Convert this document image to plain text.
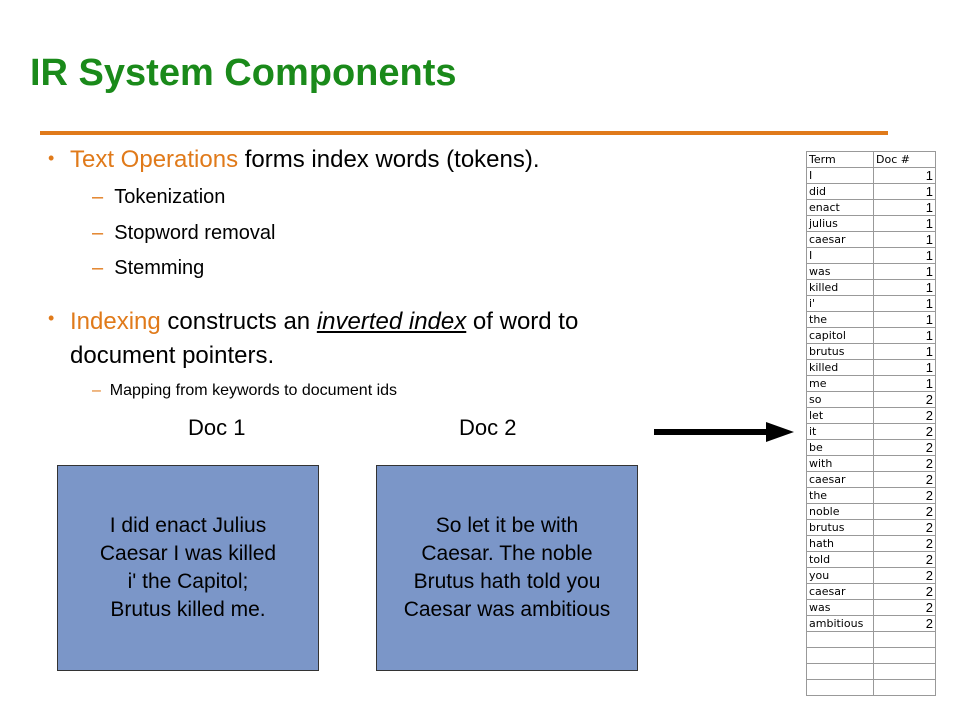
IR System Components
• Text Operations forms index words (tokens).
– Tokenization
– Stopword removal
– Stemming
• Indexing constructs an inverted index of word to
document pointers.
– Mapping from keywords to document ids
Doc 1	Doc 2
I did enact Julius
Caesar I was killed
i' the Capitol;
Brutus killed me.
So let it be with
Caesar. The noble
Brutus hath told you
Caesar was ambitious
Term	Doc #
I	1
did	1
enact	1
julius	1
caesar	1
I	1
was	1
killed	1
i'	1
the	1
capitol	1
brutus	1
killed	1
me	1
so	2
let	2
it	2
be	2
with	2
caesar	2
the	2
noble	2
brutus	2
hath	2
told	2
you	2
caesar	2
was	2
ambitious	2
